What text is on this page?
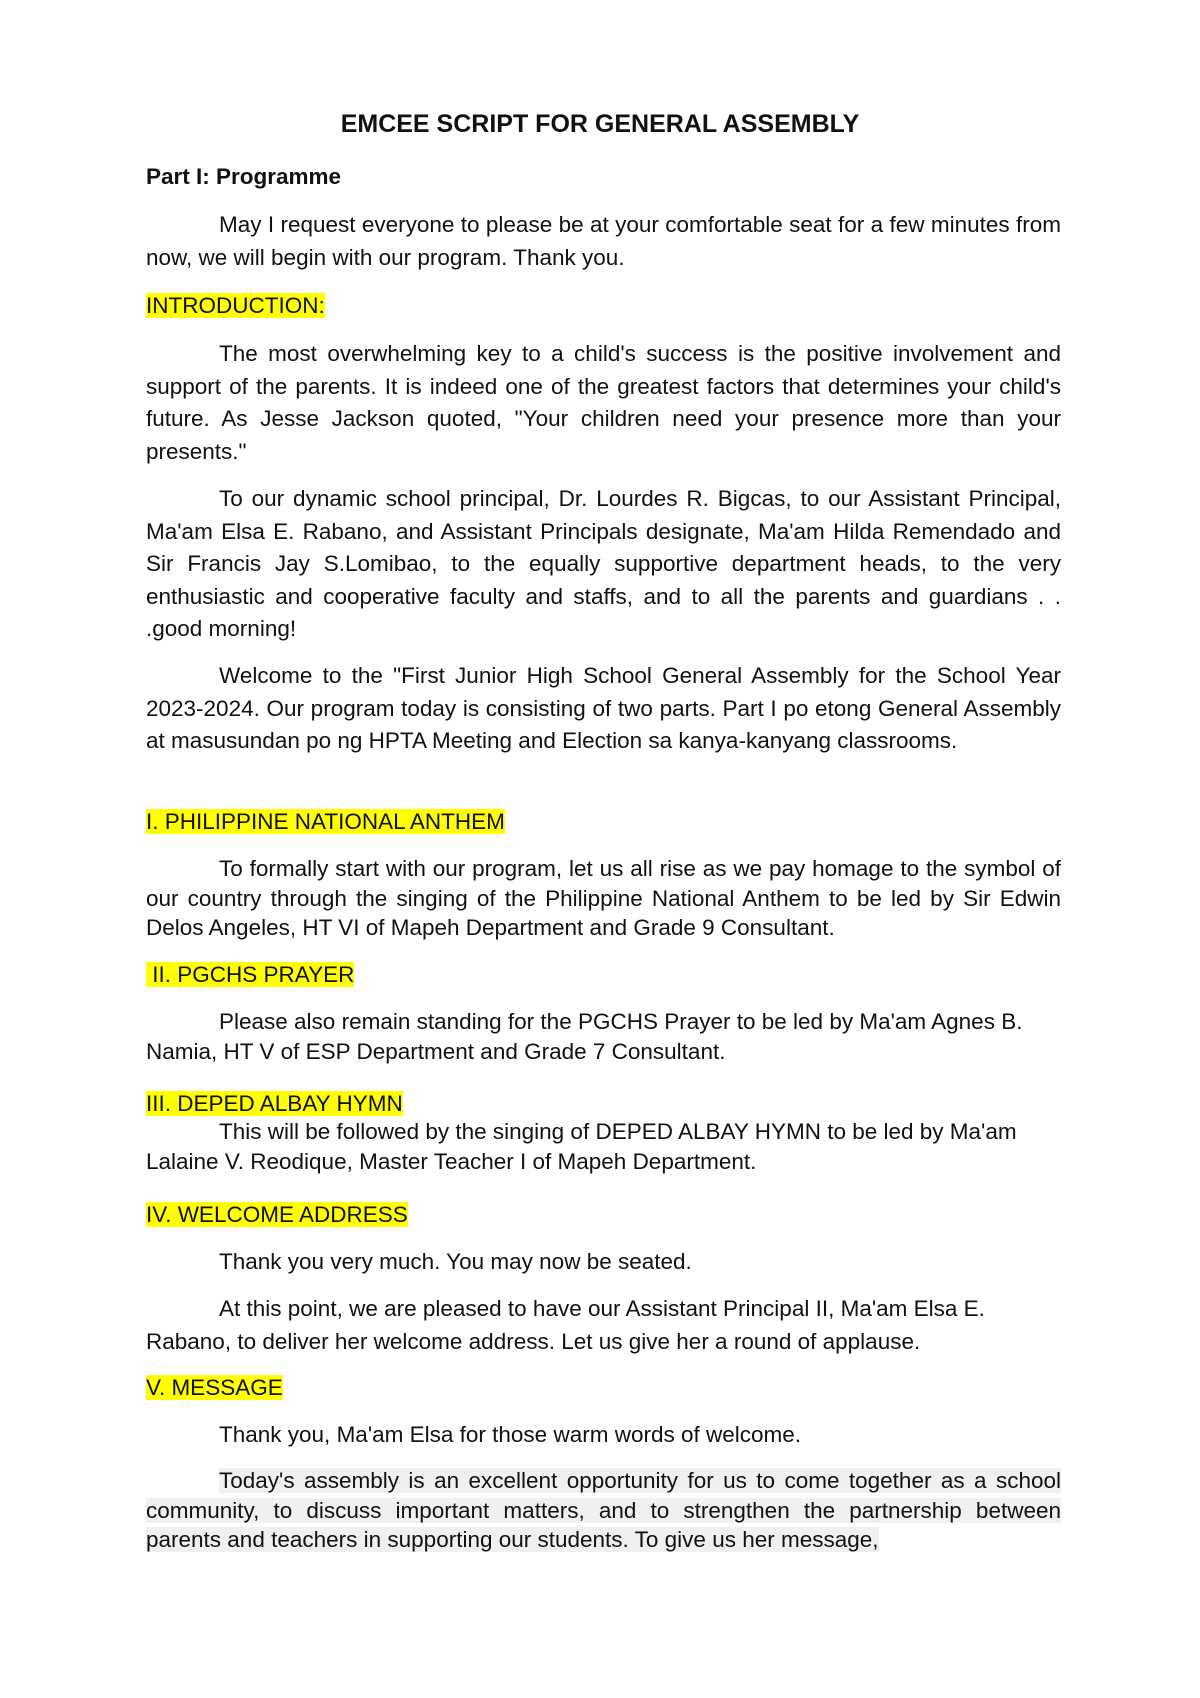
EMCEE SCRIPT FOR GENERAL ASSEMBLY
Part I: Programme

May I request everyone to please be at your comfortable seat for a few minutes from now, we will begin with our program. Thank you.

INTRODUCTION:

The most overwhelming key to a child's success is the positive involvement and support of the parents. It is indeed one of the greatest factors that determines your child's future. As Jesse Jackson quoted, "Your children need your presence more than your presents."

To our dynamic school principal, Dr. Lourdes R. Bigcas, to our Assistant Principal, Ma'am Elsa E. Rabano, and Assistant Principals designate, Ma'am Hilda Remendado and Sir Francis Jay S.Lomibao, to the equally supportive department heads, to the very enthusiastic and cooperative faculty and staffs, and to all the parents and guardians . . .good morning!

Welcome to the "First Junior High School General Assembly for the School Year 2023-2024. Our program today is consisting of two parts. Part I po etong General Assembly at masusundan po ng HPTA Meeting and Election sa kanya-kanyang classrooms.

I. PHILIPPINE NATIONAL ANTHEM

To formally start with our program, let us all rise as we pay homage to the symbol of our country through the singing of the Philippine National Anthem to be led by Sir Edwin Delos Angeles, HT VI of Mapeh Department and Grade 9 Consultant.

II. PGCHS PRAYER

Please also remain standing for the PGCHS Prayer to be led by Ma'am Agnes B. Namia, HT V of ESP Department and Grade 7 Consultant.

III. DEPED ALBAY HYMN

This will be followed by the singing of DEPED ALBAY HYMN to be led by Ma'am Lalaine V. Reodique, Master Teacher I of Mapeh Department.

IV. WELCOME ADDRESS

Thank you very much. You may now be seated.

At this point, we are pleased to have our Assistant Principal II, Ma'am Elsa E. Rabano, to deliver her welcome address. Let us give her a round of applause.

V. MESSAGE

Thank you, Ma'am Elsa for those warm words of welcome.

Today's assembly is an excellent opportunity for us to come together as a school community, to discuss important matters, and to strengthen the partnership between parents and teachers in supporting our students. To give us her message,
